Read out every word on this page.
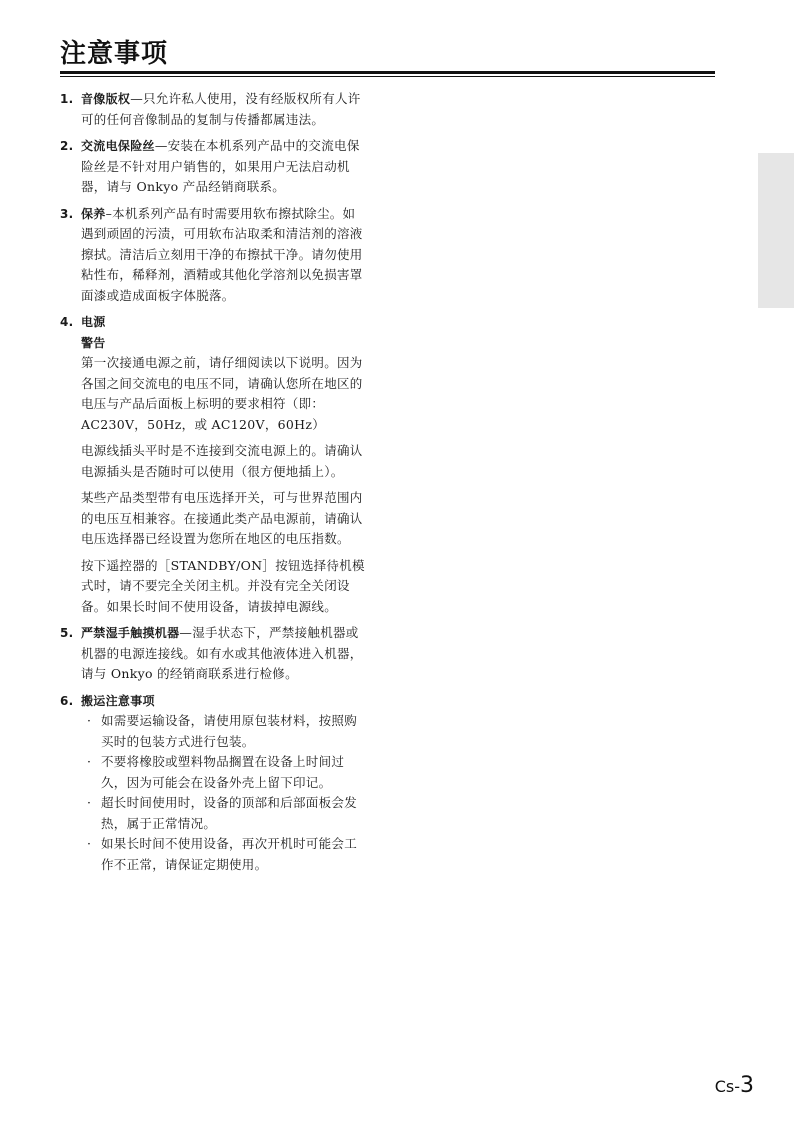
注意事项
1. 音像版权—只允许私人使用，没有经版权所有人许可的任何音像制品的复制与传播都属违法。
2. 交流电保险丝—安装在本机系列产品中的交流电保险丝是不针对用户销售的，如果用户无法启动机器，请与 Onkyo 产品经销商联系。
3. 保养–本机系列产品有时需要用软布擦拭除尘。如遇到顽固的污渍，可用软布沾取柔和清洁剂的溶液擦拭。清洁后立刻用干净的布擦拭干净。请勿使用粘性布，稀释剂，酒精或其他化学溶剂以免损害罩面漆或造成面板字体脱落。
4. 电源
警告

第一次接通电源之前，请仔细阅读以下说明。因为各国之间交流电的电压不同，请确认您所在地区的电压与产品后面板上标明的要求相符（即：AC230V，50Hz，或 AC120V，60Hz）

电源线插头平时是不连接到交流电源上的。请确认电源插头是否随时可以使用（很方便地插上）。

某些产品类型带有电压选择开关，可与世界范围内的电压互相兼容。在接通此类产品电源前，请确认电压选择器已经设置为您所在地区的电压指数。

按下遥控器的［STANDBY/ON］按钮选择待机模式时，请不要完全关闭主机。并没有完全关闭设备。如果长时间不使用设备，请拔掉电源线。

5. 严禁湿手触摸机器—湿手状态下，严禁接触机器或机器的电源连接线。如有水或其他液体进入机器，请与 Onkyo 的经销商联系进行检修。
6. 搬运注意事项
· 如需要运输设备，请使用原包装材料，按照购买时的包装方式进行包装。
· 不要将橡胶或塑料物品搁置在设备上时间过久，因为可能会在设备外壳上留下印记。
· 超长时间使用时，设备的顶部和后部面板会发热，属于正常情况。
· 如果长时间不使用设备，再次开机时可能会工作不正常，请保证定期使用。
Cs-3
